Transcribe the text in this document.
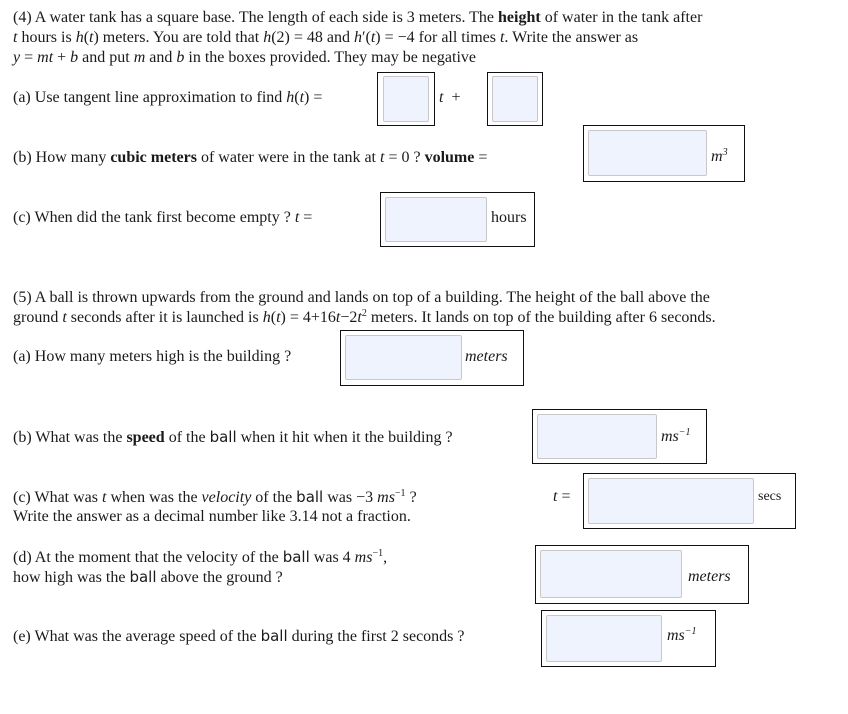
(4) A water tank has a square base. The length of each side is 3 meters. The height of water in the tank after
t hours is h(t) meters. You are told that h(2) = 48 and h′(t) = −4 for all times t. Write the answer as
y = mt + b and put m and b in the boxes provided. They may be negative
(a) Use tangent line approximation to find h(t) =	t  +
(b) How many cubic meters of water were in the tank at t = 0 ? volume =	$m^3$
(c) When did the tank first become empty ? t =	hours
(5) A ball is thrown upwards from the ground and lands on top of a building. The height of the ball above the
ground t seconds after it is launched is $h(t) = 4+16t-2t^2$ meters. It lands on top of the building after 6 seconds.
(a) How many meters high is the building ?	meters
(b) What was the speed of the ball when it hit when it the building ?	$ms^{-1}$
(c) What was t when was the velocity of the ball was −3 $ms^{-1}$ ?
Write the answer as a decimal number like 3.14 not a fraction.
t =	secs
(d) At the moment that the velocity of the ball was 4 $ms^{-1}$,
how high was the ball above the ground ?	meters
(e) What was the average speed of the ball during the first 2 seconds ?	$ms^{-1}$
